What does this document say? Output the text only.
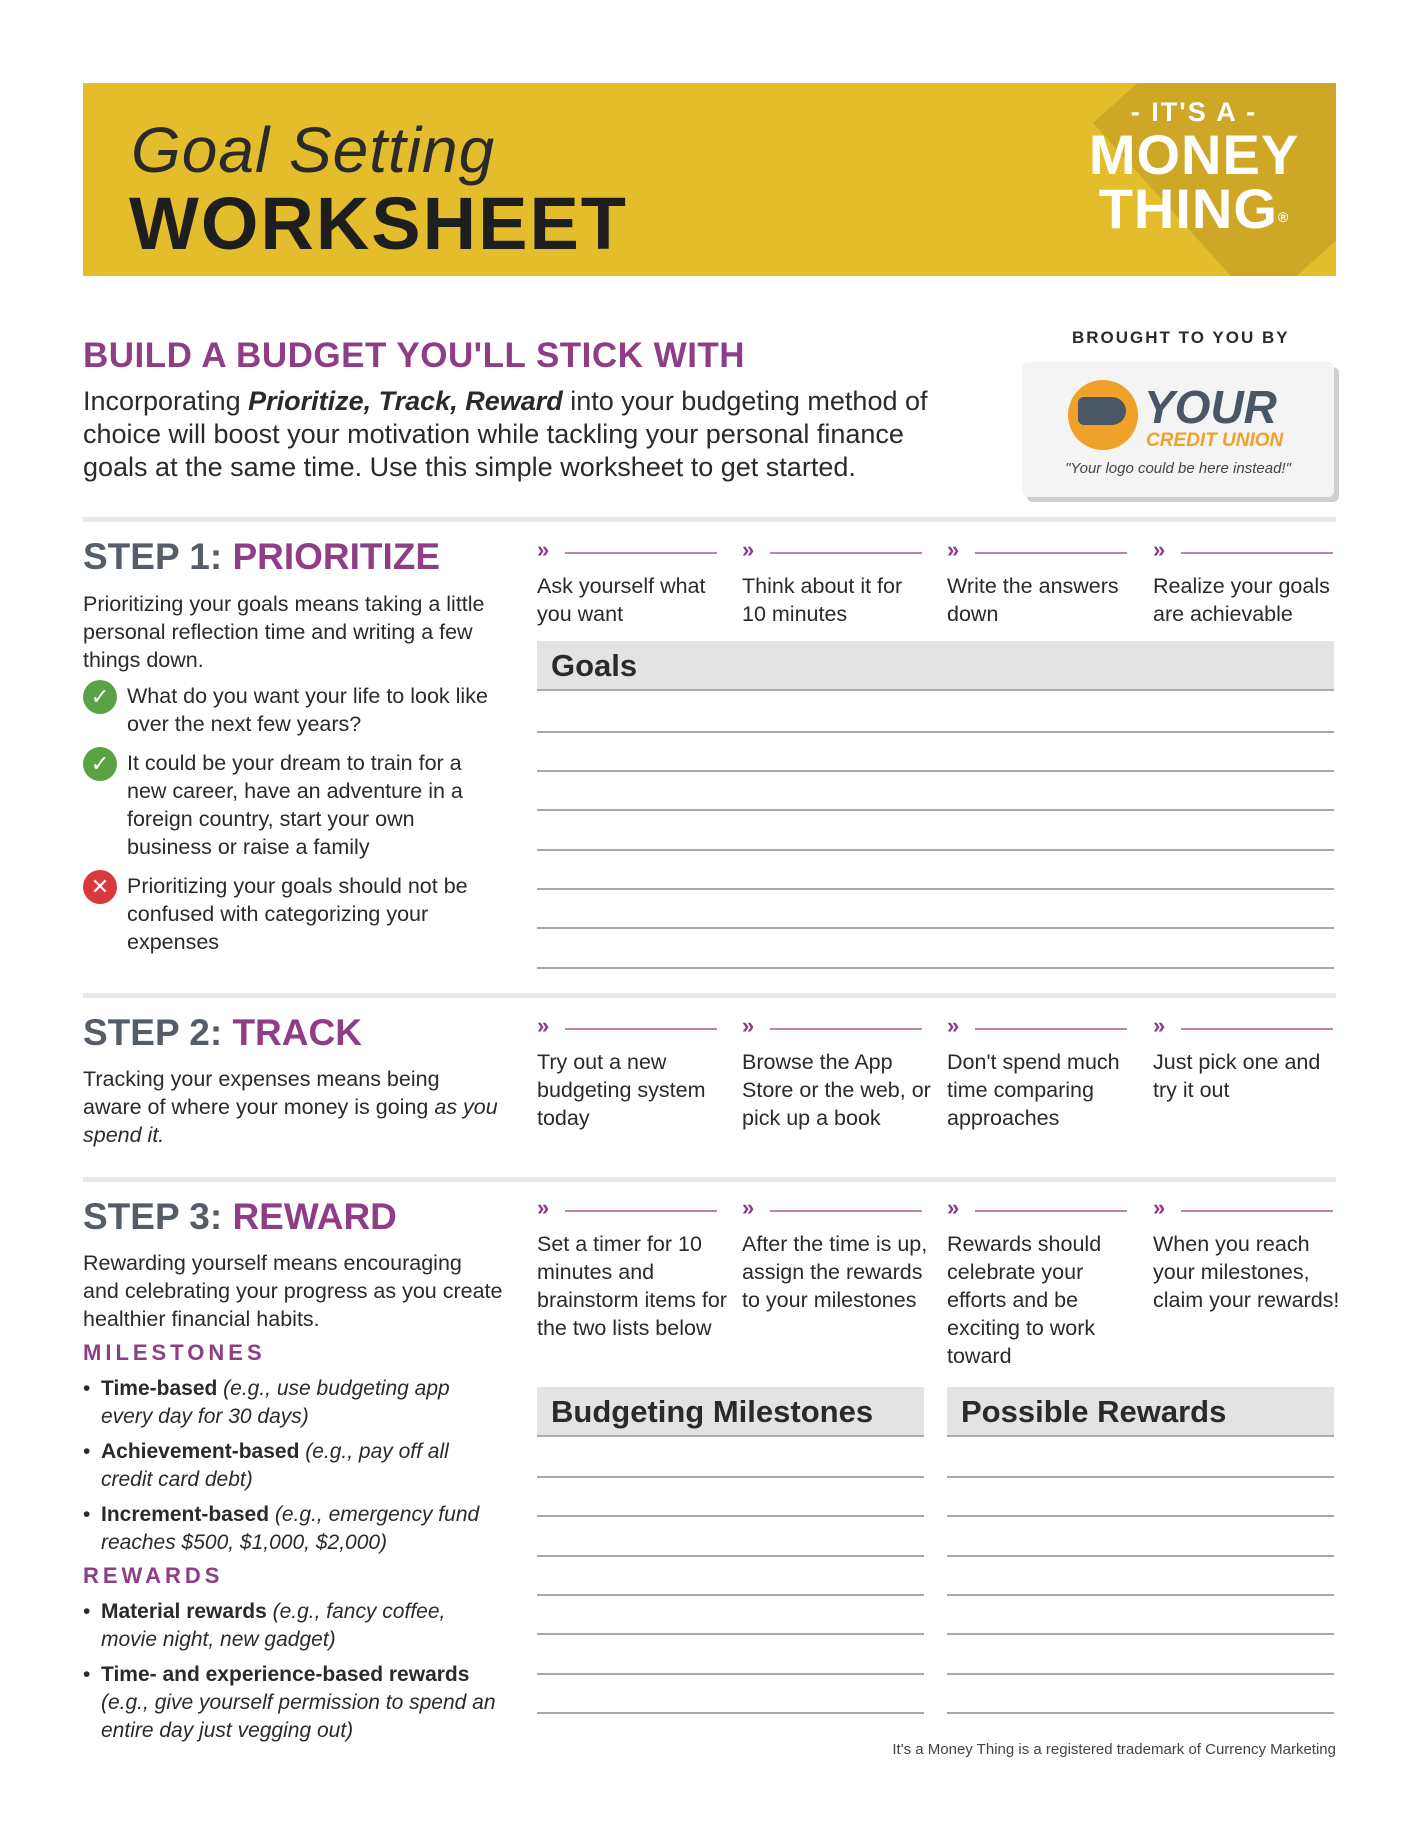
Goal Setting
WORKSHEET
- IT'S A -
MONEY
THING®
BROUGHT TO YOU BY
YOUR
CREDIT UNION
"Your logo could be here instead!"
BUILD A BUDGET YOU'LL STICK WITH
Incorporating Prioritize, Track, Reward into your budgeting method of choice will boost your motivation while tackling your personal finance goals at the same time. Use this simple worksheet to get started.
STEP 1: PRIORITIZE
Prioritizing your goals means taking a little personal reflection time and writing a few things down.
✓ What do you want your life to look like over the next few years?
✓ It could be your dream to train for a new career, have an adventure in a foreign country, start your own business or raise a family
✕ Prioritizing your goals should not be confused with categorizing your expenses
»
Ask yourself what you want
»
Think about it for 10 minutes
»
Write the answers down
»
Realize your goals are achievable
Goals
STEP 2: TRACK
Tracking your expenses means being aware of where your money is going as you spend it.
»
Try out a new budgeting system today
»
Browse the App Store or the web, or pick up a book
»
Don't spend much time comparing approaches
»
Just pick one and try it out
STEP 3: REWARD
Rewarding yourself means encouraging and celebrating your progress as you create healthier financial habits.
MILESTONES
• Time-based (e.g., use budgeting app every day for 30 days)
• Achievement-based (e.g., pay off all credit card debt)
• Increment-based (e.g., emergency fund reaches $500, $1,000, $2,000)
REWARDS
• Material rewards (e.g., fancy coffee, movie night, new gadget)
• Time- and experience-based rewards (e.g., give yourself permission to spend an entire day just vegging out)
»
Set a timer for 10 minutes and brainstorm items for the two lists below
»
After the time is up, assign the rewards to your milestones
»
Rewards should celebrate your efforts and be exciting to work toward
»
When you reach your milestones, claim your rewards!
Budgeting Milestones	Possible Rewards
It's a Money Thing is a registered trademark of Currency Marketing
